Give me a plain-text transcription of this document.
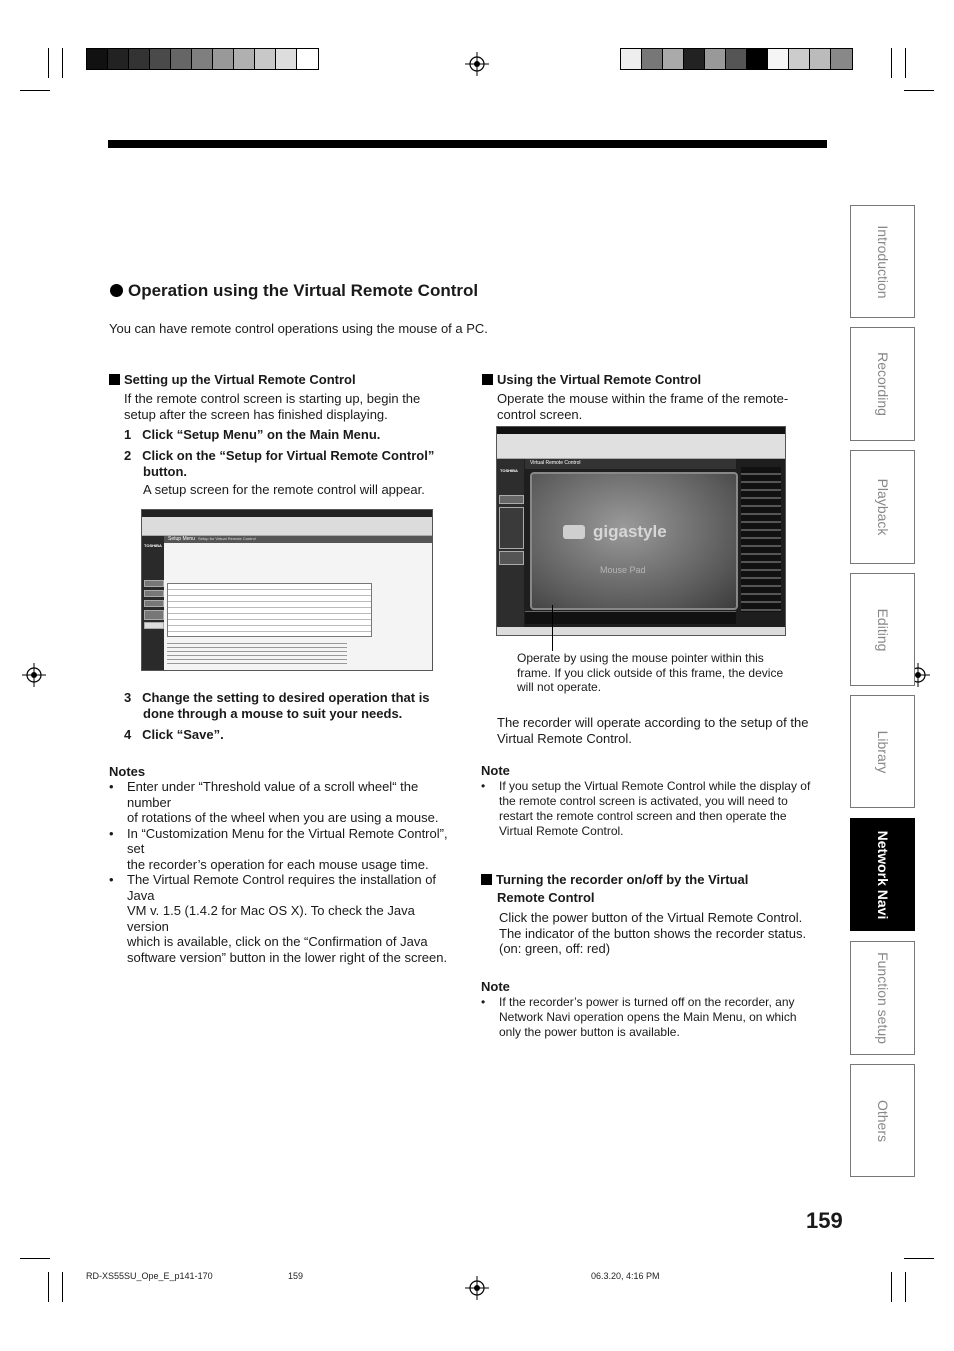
Introduction
Recording
Playback
Editing
Library
Network Navi
Function setup
Others
Operation using the Virtual Remote Control
You can have remote control operations using the mouse of a PC.
Setting up the Virtual Remote Control
If the remote control screen is starting up, begin the
setup after the screen has finished displaying.
1   Click “Setup Menu” on the Main Menu.
2   Click on the “Setup for Virtual Remote Control”
button.
A setup screen for the remote control will appear.
TOSHIBA
Setup Menu Setup for Virtual Remote Control
3   Change the setting to desired operation that is
done through a mouse to suit your needs.
4   Click “Save”.
Notes
• Enter under “Threshold value of a scroll wheel“ the number
of rotations of the wheel when you are using a mouse.
• In “Customization Menu for the Virtual Remote Control”, set
the recorder’s operation for each mouse usage time.
• The Virtual Remote Control requires the installation of Java
VM v. 1.5 (1.4.2 for Mac OS X). To check the Java version
which is available, click on the “Confirmation of Java
software version” button in the lower right of the screen.
Using the Virtual Remote Control
Operate the mouse within the frame of the remote-
control screen.
TOSHIBA
Virtual Remote Control
gigastyle
Mouse Pad
Operate by using the mouse pointer within this
frame. If you click outside of this frame, the device
will not operate.
The recorder will operate according to the setup of the
Virtual Remote Control.
Note
• If you setup the Virtual Remote Control while the display of
the remote control screen is activated, you will need to
restart the remote control screen and then operate the
Virtual Remote Control.
Turning the recorder on/off by the Virtual
Remote Control
Click the power button of the Virtual Remote Control.
The indicator of the button shows the recorder status.
(on: green, off: red)
Note
• If the recorder’s power is turned off on the recorder, any
Network Navi operation opens the Main Menu, on which
only the power button is available.
159
RD-XS55SU_Ope_E_p141-170	159	06.3.20, 4:16 PM
